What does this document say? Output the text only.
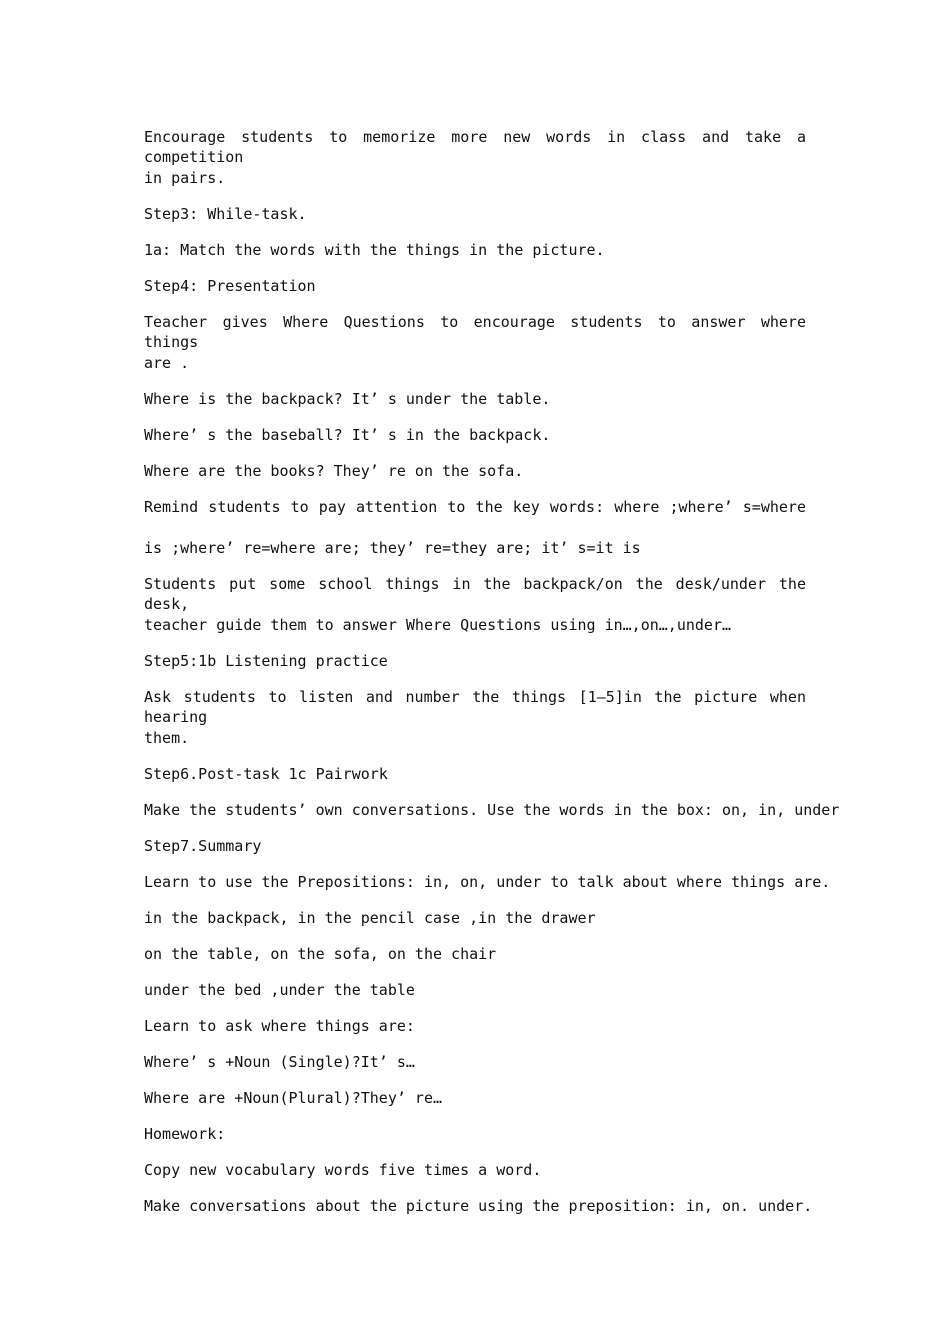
Encourage students to memorize more new words in class and take a competition
in pairs.
Step3: While-task.
1a: Match the words with the things in the picture.
Step4: Presentation
Teacher gives Where Questions to encourage students to answer where things
are .
Where is the backpack? It’ s under the table.
Where’ s the baseball? It’ s in the backpack.
Where are the books? They’ re on the sofa.
Remind students to pay attention to the key words: where ;where’ s=where
is ;where’ re=where are; they’ re=they are; it’ s=it is
Students put some school things in the backpack/on the desk/under the desk,
teacher guide them to answer Where Questions using in…,on…,under…
Step5:1b Listening practice
Ask students to listen and number the things [1—5]in the picture when hearing
them.
Step6.Post-task 1c Pairwork
Make the students’ own conversations. Use the words in the box: on, in, under
Step7.Summary
Learn to use the Prepositions: in, on, under to talk about where things are.
in the backpack, in the pencil case ,in the drawer
on the table, on the sofa, on the chair
under the bed ,under the table
Learn to ask where things are:
Where’ s +Noun (Single)?It’ s…
Where are +Noun(Plural)?They’ re…
Homework:
Copy new vocabulary words five times a word.
Make conversations about the picture using the preposition: in, on. under.
